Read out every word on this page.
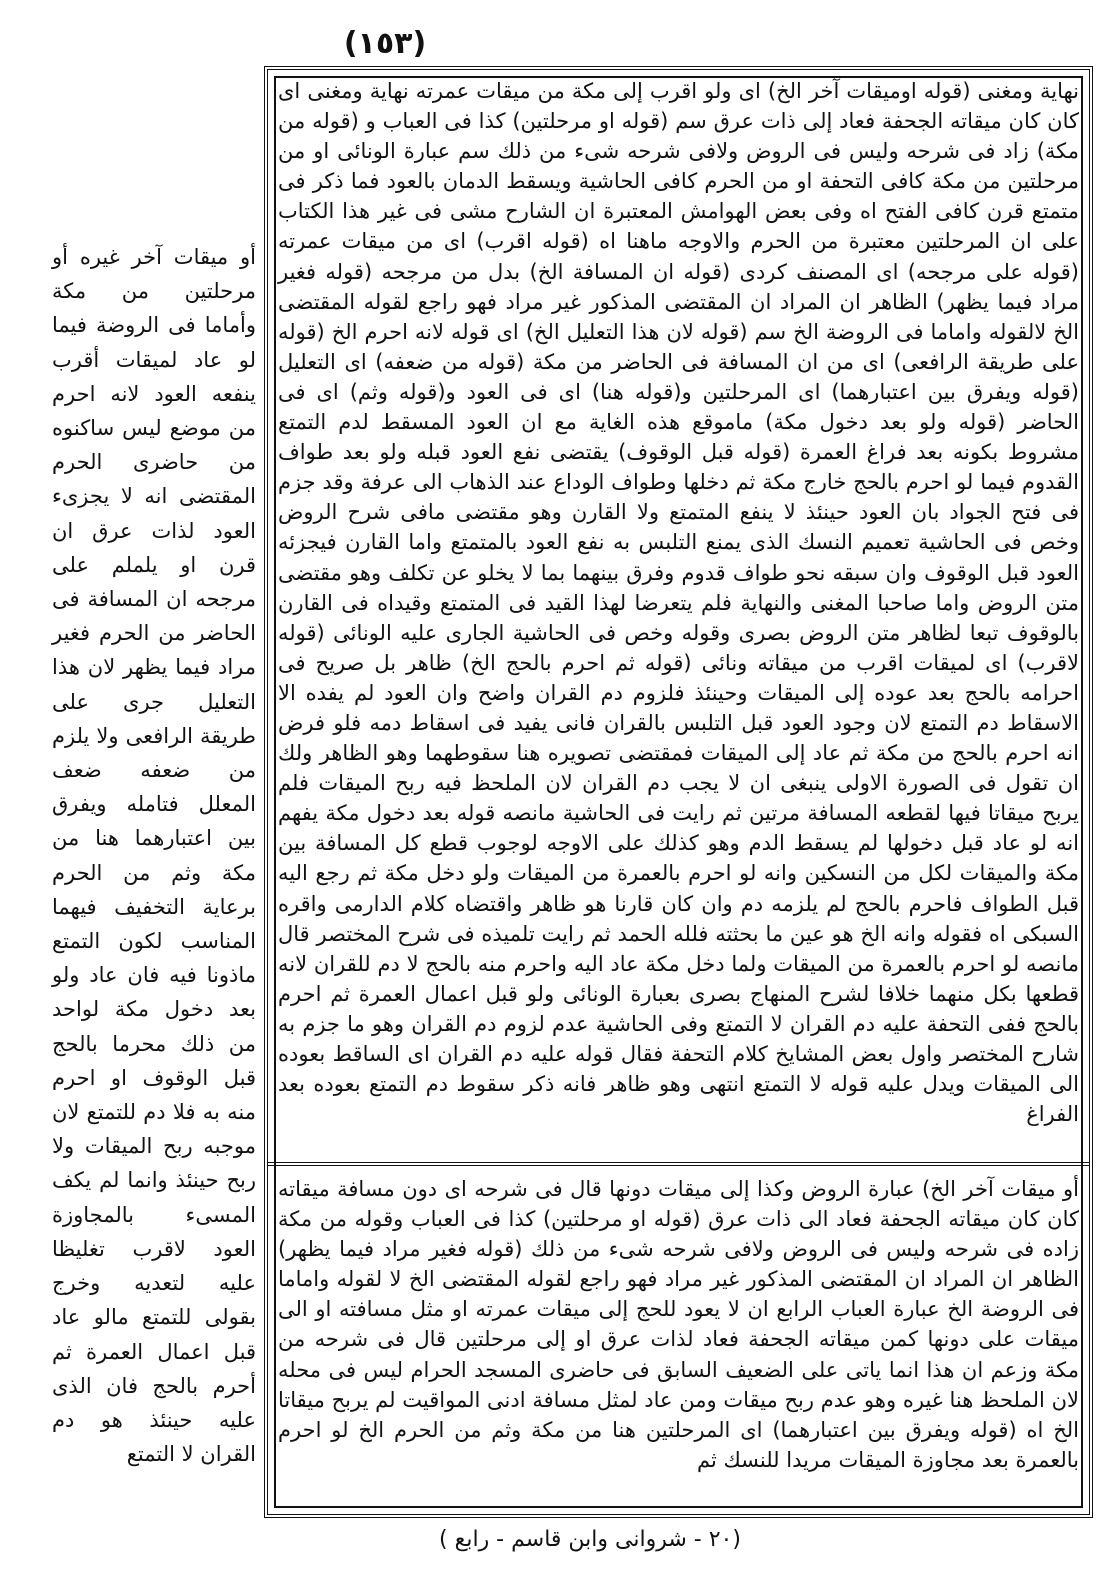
(١٥٣)
أو ميقات آخر غيره أو مرحلتين من مكة وأماما فى الروضة فيما لو عاد لميقات أقرب ينفعه العود لانه احرم من موضع ليس ساكنوه من حاضرى الحرم المقتضى انه لا يجزىء العود لذات عرق ان قرن او يلملم على مرجحه ان المسافة فى الحاضر من الحرم فغير مراد فيما يظهر لان هذا التعليل جرى على طريقة الرافعى ولا يلزم من ضعفه ضعف المعلل فتامله ويفرق بين اعتبارهما هنا من مكة وثم من الحرم برعاية التخفيف فيهما المناسب لكون التمتع ماذونا فيه فان عاد ولو بعد دخول مكة لواحد من ذلك محرما بالحج قبل الوقوف او احرم منه به فلا دم للتمتع لان موجبه ربح الميقات ولا ربح حينئذ وانما لم يكف المسىء بالمجاوزة العود لاقرب تغليظا عليه لتعديه وخرج بقولى للتمتع مالو عاد قبل اعمال العمرة ثم أحرم بالحج فان الذى عليه حينئذ هو دم القران لا التمتع
نهاية ومغنى (قوله اوميقات آخر الخ) اى ولو اقرب إلى مكة من ميقات عمرته نهاية ومغنى اى كان كان ميقاته الجحفة فعاد إلى ذات عرق سم (قوله او مرحلتين) كذا فى العباب و (قوله من مكة) زاد فى شرحه وليس فى الروض ولافى شرحه شىء من ذلك سم عبارة الونائى او من مرحلتين من مكة كافى التحفة او من الحرم كافى الحاشية ويسقط الدمان بالعود فما ذكر فى متمتع قرن كافى الفتح اه وفى بعض الهوامش المعتبرة ان الشارح مشى فى غير هذا الكتاب على ان المرحلتين معتبرة من الحرم والاوجه ماهنا اه (قوله اقرب) اى من ميقات عمرته (قوله على مرجحه) اى المصنف كردى (قوله ان المسافة الخ) بدل من مرجحه (قوله فغير مراد فيما يظهر) الظاهر ان المراد ان المقتضى المذكور غير مراد فهو راجع لقوله المقتضى الخ لالقوله واماما فى الروضة الخ سم (قوله لان هذا التعليل الخ) اى قوله لانه احرم الخ (قوله على طريقة الرافعى) اى من ان المسافة فى الحاضر من مكة (قوله من ضعفه) اى التعليل (قوله ويفرق بين اعتبارهما) اى المرحلتين و(قوله هنا) اى فى العود و(قوله وثم) اى فى الحاضر (قوله ولو بعد دخول مكة) ماموقع هذه الغاية مع ان العود المسقط لدم التمتع مشروط بكونه بعد فراغ العمرة (قوله قبل الوقوف) يقتضى نفع العود قبله ولو بعد طواف القدوم فيما لو احرم بالحج خارج مكة ثم دخلها وطواف الوداع عند الذهاب الى عرفة وقد جزم فى فتح الجواد بان العود حينئذ لا ينفع المتمتع ولا القارن وهو مقتضى مافى شرح الروض وخص فى الحاشية تعميم النسك الذى يمنع التلبس به نفع العود بالمتمتع واما القارن فيجزئه العود قبل الوقوف وان سبقه نحو طواف قدوم وفرق بينهما بما لا يخلو عن تكلف وهو مقتضى متن الروض واما صاحبا المغنى والنهاية فلم يتعرضا لهذا القيد فى المتمتع وقيداه فى القارن بالوقوف تبعا لظاهر متن الروض بصرى وقوله وخص فى الحاشية الجارى عليه الونائى (قوله لاقرب) اى لميقات اقرب من ميقاته ونائى (قوله ثم احرم بالحج الخ) ظاهر بل صريح فى احرامه بالحج بعد عوده إلى الميقات وحينئذ فلزوم دم القران واضح وان العود لم يفده الا الاسقاط دم التمتع لان وجود العود قبل التلبس بالقران فانى يفيد فى اسقاط دمه فلو فرض انه احرم بالحج من مكة ثم عاد إلى الميقات فمقتضى تصويره هنا سقوطهما وهو الظاهر ولك ان تقول فى الصورة الاولى ينبغى ان لا يجب دم القران لان الملحظ فيه ربح الميقات فلم يربح ميقاتا فيها لقطعه المسافة مرتين ثم رايت فى الحاشية مانصه قوله بعد دخول مكة يفهم انه لو عاد قبل دخولها لم يسقط الدم وهو كذلك على الاوجه لوجوب قطع كل المسافة بين مكة والميقات لكل من النسكين وانه لو احرم بالعمرة من الميقات ولو دخل مكة ثم رجع اليه قبل الطواف فاحرم بالحج لم يلزمه دم وان كان قارنا هو ظاهر واقتضاه كلام الدارمى واقره السبكى اه فقوله وانه الخ هو عين ما بحثته فلله الحمد ثم رايت تلميذه فى شرح المختصر قال مانصه لو احرم بالعمرة من الميقات ولما دخل مكة عاد اليه واحرم منه بالحج لا دم للقران لانه قطعها بكل منهما خلافا لشرح المنهاج بصرى بعبارة الونائى ولو قبل اعمال العمرة ثم احرم بالحج ففى التحفة عليه دم القران لا التمتع وفى الحاشية عدم لزوم دم القران وهو ما جزم به شارح المختصر واول بعض المشايخ كلام التحفة فقال قوله عليه دم القران اى الساقط بعوده الى الميقات ويدل عليه قوله لا التمتع انتهى وهو ظاهر فانه ذكر سقوط دم التمتع بعوده بعد الفراغ
أو ميقات آخر الخ) عبارة الروض وكذا إلى ميقات دونها قال فى شرحه اى دون مسافة ميقاته كان كان ميقاته الجحفة فعاد الى ذات عرق (قوله او مرحلتين) كذا فى العباب وقوله من مكة زاده فى شرحه وليس فى الروض ولافى شرحه شىء من ذلك (قوله فغير مراد فيما يظهر) الظاهر ان المراد ان المقتضى المذكور غير مراد فهو راجع لقوله المقتضى الخ لا لقوله واماما فى الروضة الخ عبارة العباب الرابع ان لا يعود للحج إلى ميقات عمرته او مثل مسافته او الى ميقات على دونها كمن ميقاته الجحفة فعاد لذات عرق او إلى مرحلتين قال فى شرحه من مكة وزعم ان هذا انما ياتى على الضعيف السابق فى حاضرى المسجد الحرام ليس فى محله لان الملحظ هنا غيره وهو عدم ربح ميقات ومن عاد لمثل مسافة ادنى المواقيت لم يربح ميقاتا الخ اه (قوله ويفرق بين اعتبارهما) اى المرحلتين هنا من مكة وثم من الحرم الخ لو احرم بالعمرة بعد مجاوزة الميقات مريدا للنسك ثم
(٢٠ - شروانى وابن قاسم - رابع )
